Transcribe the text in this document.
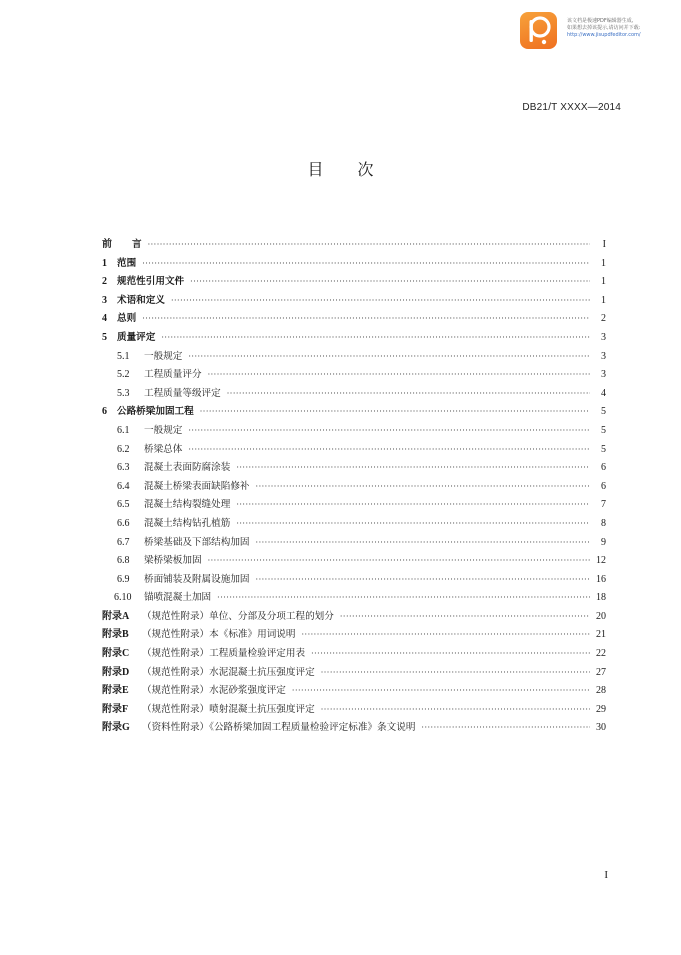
该文档是极速PDF编辑器生成,
如果想去掉该提示,请访问并下载:
http://www.jisupdfeditor.com/
DB21/T XXXX—2014
目次
前	言 ·····	I
1	范围 ·····	1
2	规范性引用文件 ·····	1
3	术语和定义 ·····	1
4	总则 ·····	2
5	质量评定 ·····	3
5.1	一般规定 ·····	3
5.2	工程质量评分 ·····	3
5.3	工程质量等级评定 ·····	4
6	公路桥梁加固工程 ·····	5
6.1	一般规定 ·····	5
6.2	桥梁总体 ·····	5
6.3	混凝土表面防腐涂装 ·····	6
6.4	混凝土桥梁表面缺陷修补 ·····	6
6.5	混凝土结构裂缝处理 ·····	7
6.6	混凝土结构钻孔植筋 ·····	8
6.7	桥梁基础及下部结构加固 ·····	9
6.8	梁桥梁板加固 ·····	12
6.9	桥面铺装及附属设施加固 ·····	16
6.10	锚喷混凝土加固 ·····	18
附录A	（规范性附录）单位、分部及分项工程的划分 ·····	20
附录B	（规范性附录）本《标准》用词说明 ·····	21
附录C	（规范性附录）工程质量检验评定用表 ·····	22
附录D	（规范性附录）水泥混凝土抗压强度评定 ·····	27
附录E	（规范性附录）水泥砂浆强度评定 ·····	28
附录F	（规范性附录）喷射混凝土抗压强度评定 ·····	29
附录G	（资料性附录）《公路桥梁加固工程质量检验评定标准》条文说明 ·····	30
I
